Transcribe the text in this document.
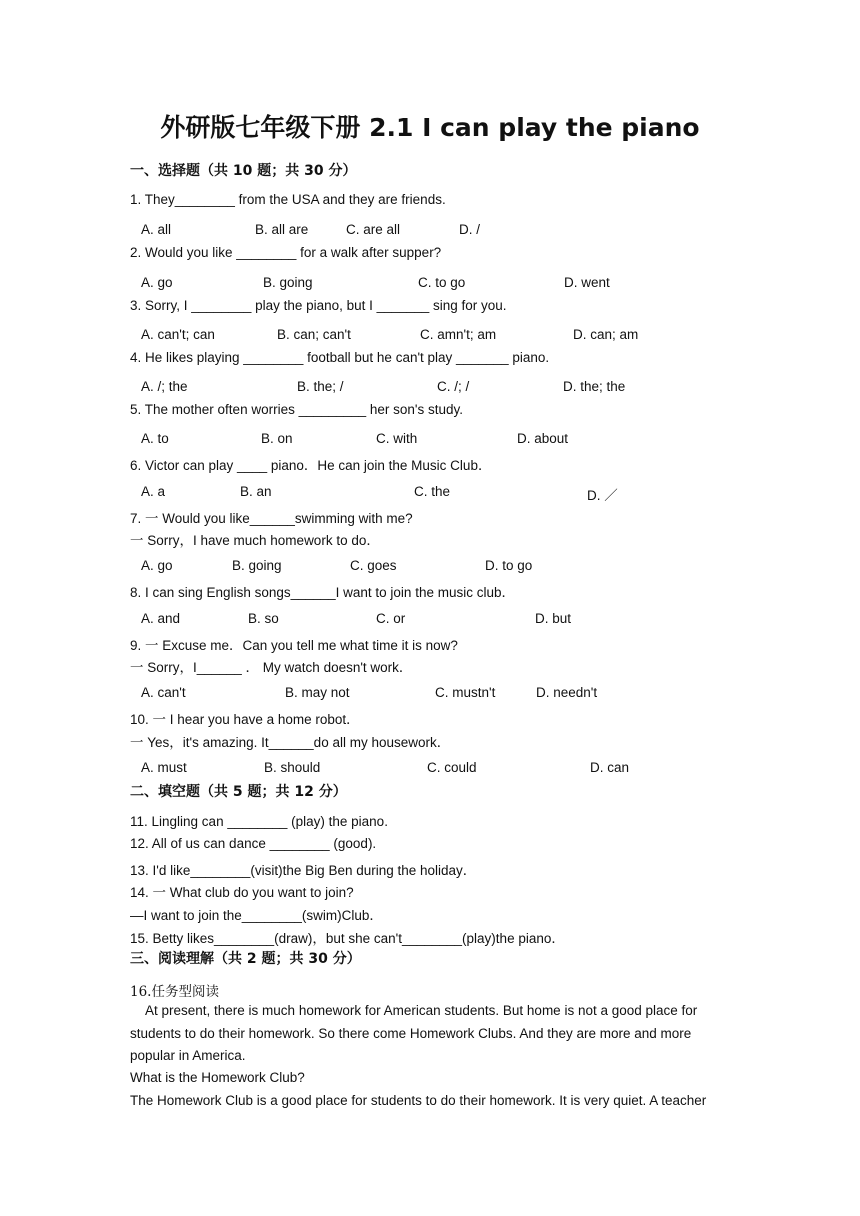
外研版七年级下册 2.1 I can play the piano
一、选择题（共 10 题；共 30 分）
1. They________ from the USA and they are friends.
A. all	B. all are	C. are all	D. /
2. Would you like ________ for a walk after supper?
A. go	B. going	C. to go	D. went
3. Sorry, I ________ play the piano, but I _______ sing for you.
A. can't; can	B. can; can't	C. amn't; am	D. can; am
4. He likes playing ________ football but he can't play _______ piano.
A. /; the	B. the; /	C. /; /	D. the; the
5. The mother often worries _________ her son's study.
A. to	B. on	C. with	D. about
6. Victor can play ____ piano．He can join the Music Club．
A. a	B. an	C. the	D. ／
7. 一 Would you like______swimming with me?
一 Sorry，I have much homework to do．
A. go	B. going	C. goes	D. to go
8. I can sing English songs______I want to join the music club．
A. and	B. so	C. or	D. but
9. 一 Excuse me．Can you tell me what time it is now?
一 Sorry，I______ ． My watch doesn't work．
A. can't	B. may not	C. mustn't	D. needn't
10. 一 I hear you have a home robot．
一 Yes，it's amazing. It______do all my housework．
A. must	B. should	C. could	D. can
二、填空题（共 5 题；共 12 分）
11. Lingling can ________ (play) the piano.
12. All of us can dance ________ (good).
13. I'd like________(visit)the Big Ben during the holiday．
14. 一 What club do you want to join?
—I want to join the________(swim)Club．
15. Betty likes________(draw)，but she can't________(play)the piano．
三、阅读理解（共 2 题；共 30 分）
16.任务型阅读
At present, there is much homework for American students. But home is not a good place for students to do their homework. So there come Homework Clubs. And they are more and more popular in America.
What is the Homework Club?
The Homework Club is a good place for students to do their homework. It is very quiet. A teacher
